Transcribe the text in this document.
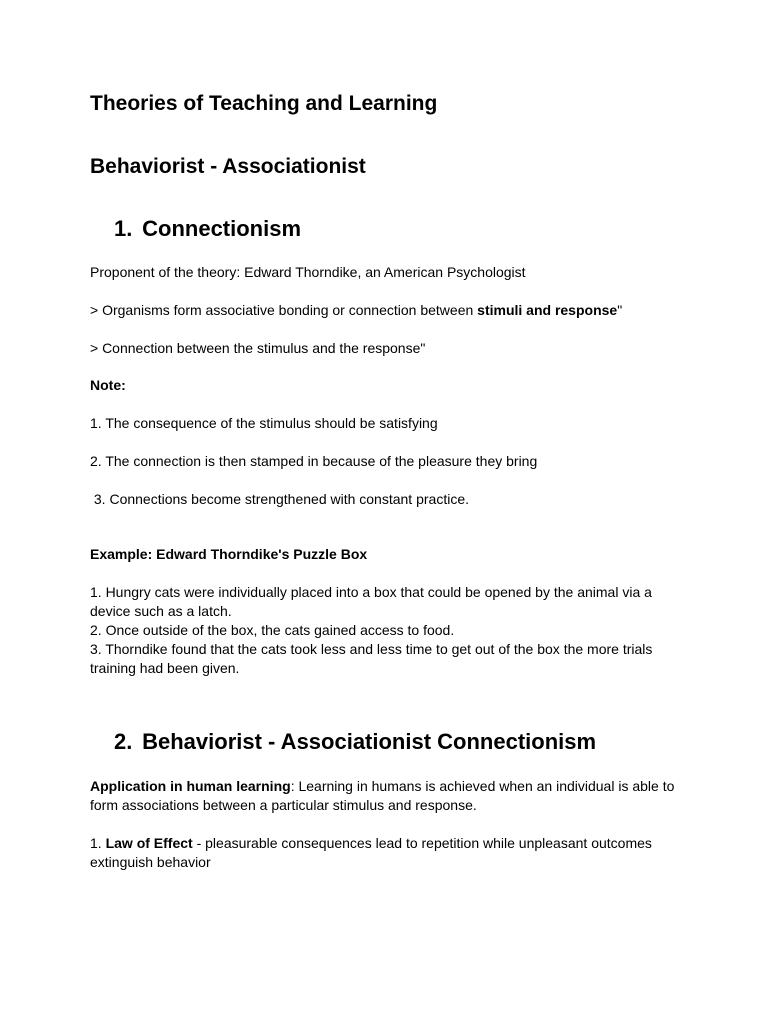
Theories of Teaching and Learning
Behaviorist - Associationist
1. Connectionism
Proponent of the theory: Edward Thorndike, an American Psychologist
> Organisms form associative bonding or connection between stimuli and response"
> Connection between the stimulus and the response"
Note:
1. The consequence of the stimulus should be satisfying
2. The connection is then stamped in because of the pleasure they bring
3. Connections become strengthened with constant practice.
Example: Edward Thorndike's Puzzle Box
1. Hungry cats were individually placed into a box that could be opened by the animal via a device such as a latch.
2. Once outside of the box, the cats gained access to food.
3. Thorndike found that the cats took less and less time to get out of the box the more trials training had been given.
2. Behaviorist - Associationist Connectionism
Application in human learning: Learning in humans is achieved when an individual is able to form associations between a particular stimulus and response.
1. Law of Effect - pleasurable consequences lead to repetition while unpleasant outcomes extinguish behavior
